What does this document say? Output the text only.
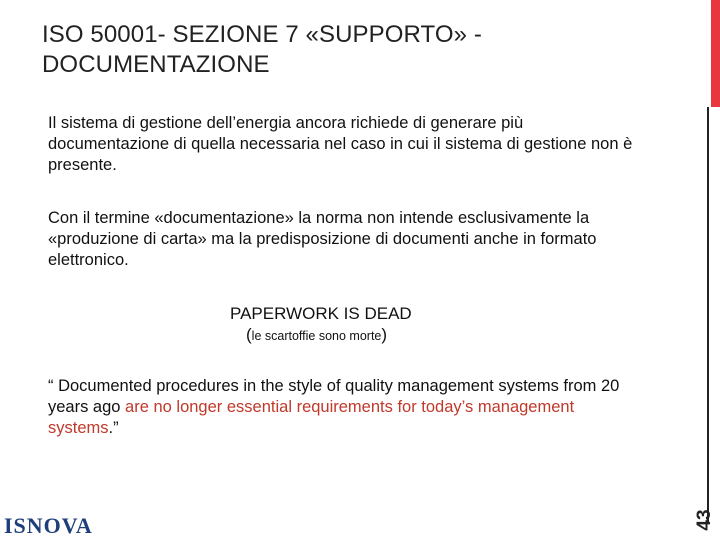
ISO 50001- SEZIONE 7 «SUPPORTO» - DOCUMENTAZIONE
43
Il sistema di gestione dell’energia ancora richiede di generare più documentazione di quella necessaria nel caso in cui il sistema di gestione non è presente.
Con il termine «documentazione» la norma non intende esclusivamente la «produzione di carta» ma la predisposizione di documenti anche in formato elettronico.
PAPERWORK IS DEAD
(le scartoffie sono morte)
“ Documented procedures in the style of quality management systems from 20 years ago are no longer essential requirements for today’s management systems.”
ISNOVA
